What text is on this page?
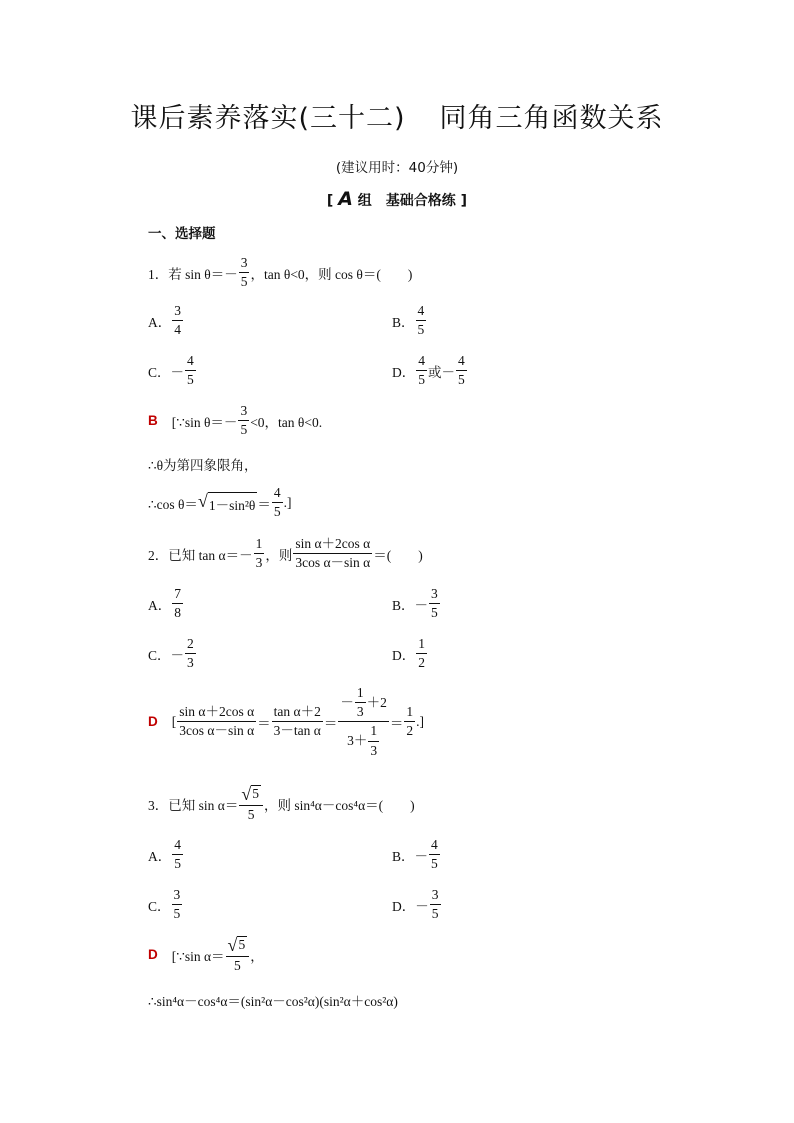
课后素养落实(三十二) 同角三角函数关系
(建议用时：40分钟)
[ A 组　基础合格练 ]
一、选择题
1．若 $\sin \theta=- \frac{3}{5}$ ，tan θ<0，则 cos θ＝(　　)
A． $\frac{3}{4}$	B． $\frac{4}{5}$
C．－ $\frac{4}{5}$	D． $\frac{4}{5}$ 或－ $\frac{4}{5}$
B [∵sin $\theta=- \frac{3}{5} <0$，tan θ<0.
∴θ为第四象限角，
∴cos θ＝ √ $1-\sin^2\theta = \frac{4}{5}$ .]
2．已知 $\tan \alpha=- \frac{1}{3}$ ，则 $\frac{\text{sin α＋2cos α}}{\text{3cos α－sin α}}$ ＝(　　)
A． $\frac{7}{8}$	B．－ $\frac{3}{5}$
C．－ $\frac{2}{3}$	D． $\frac{1}{2}$
D [ $\frac{\text{sin α＋2cos α}}{\text{3cos α－sin α}} = \frac{\text{tan α＋2}}{\text{3－tan α}} = \frac{- \frac{1}{3} +2}{3+ \frac{1}{3}} = \frac{1}{2}$ .]
3．已知 $\sin \alpha= \frac{√ 5}{5}$ ，则 sin⁴α－cos⁴α＝(　　)
A． $\frac{4}{5}$	B．－ $\frac{4}{5}$
C． $\frac{3}{5}$	D．－ $\frac{3}{5}$
D [∵sin $\alpha= \frac{√ 5}{5}$ ，
∴sin⁴α－cos⁴α＝(sin²α－cos²α)(sin²α＋cos²α)
